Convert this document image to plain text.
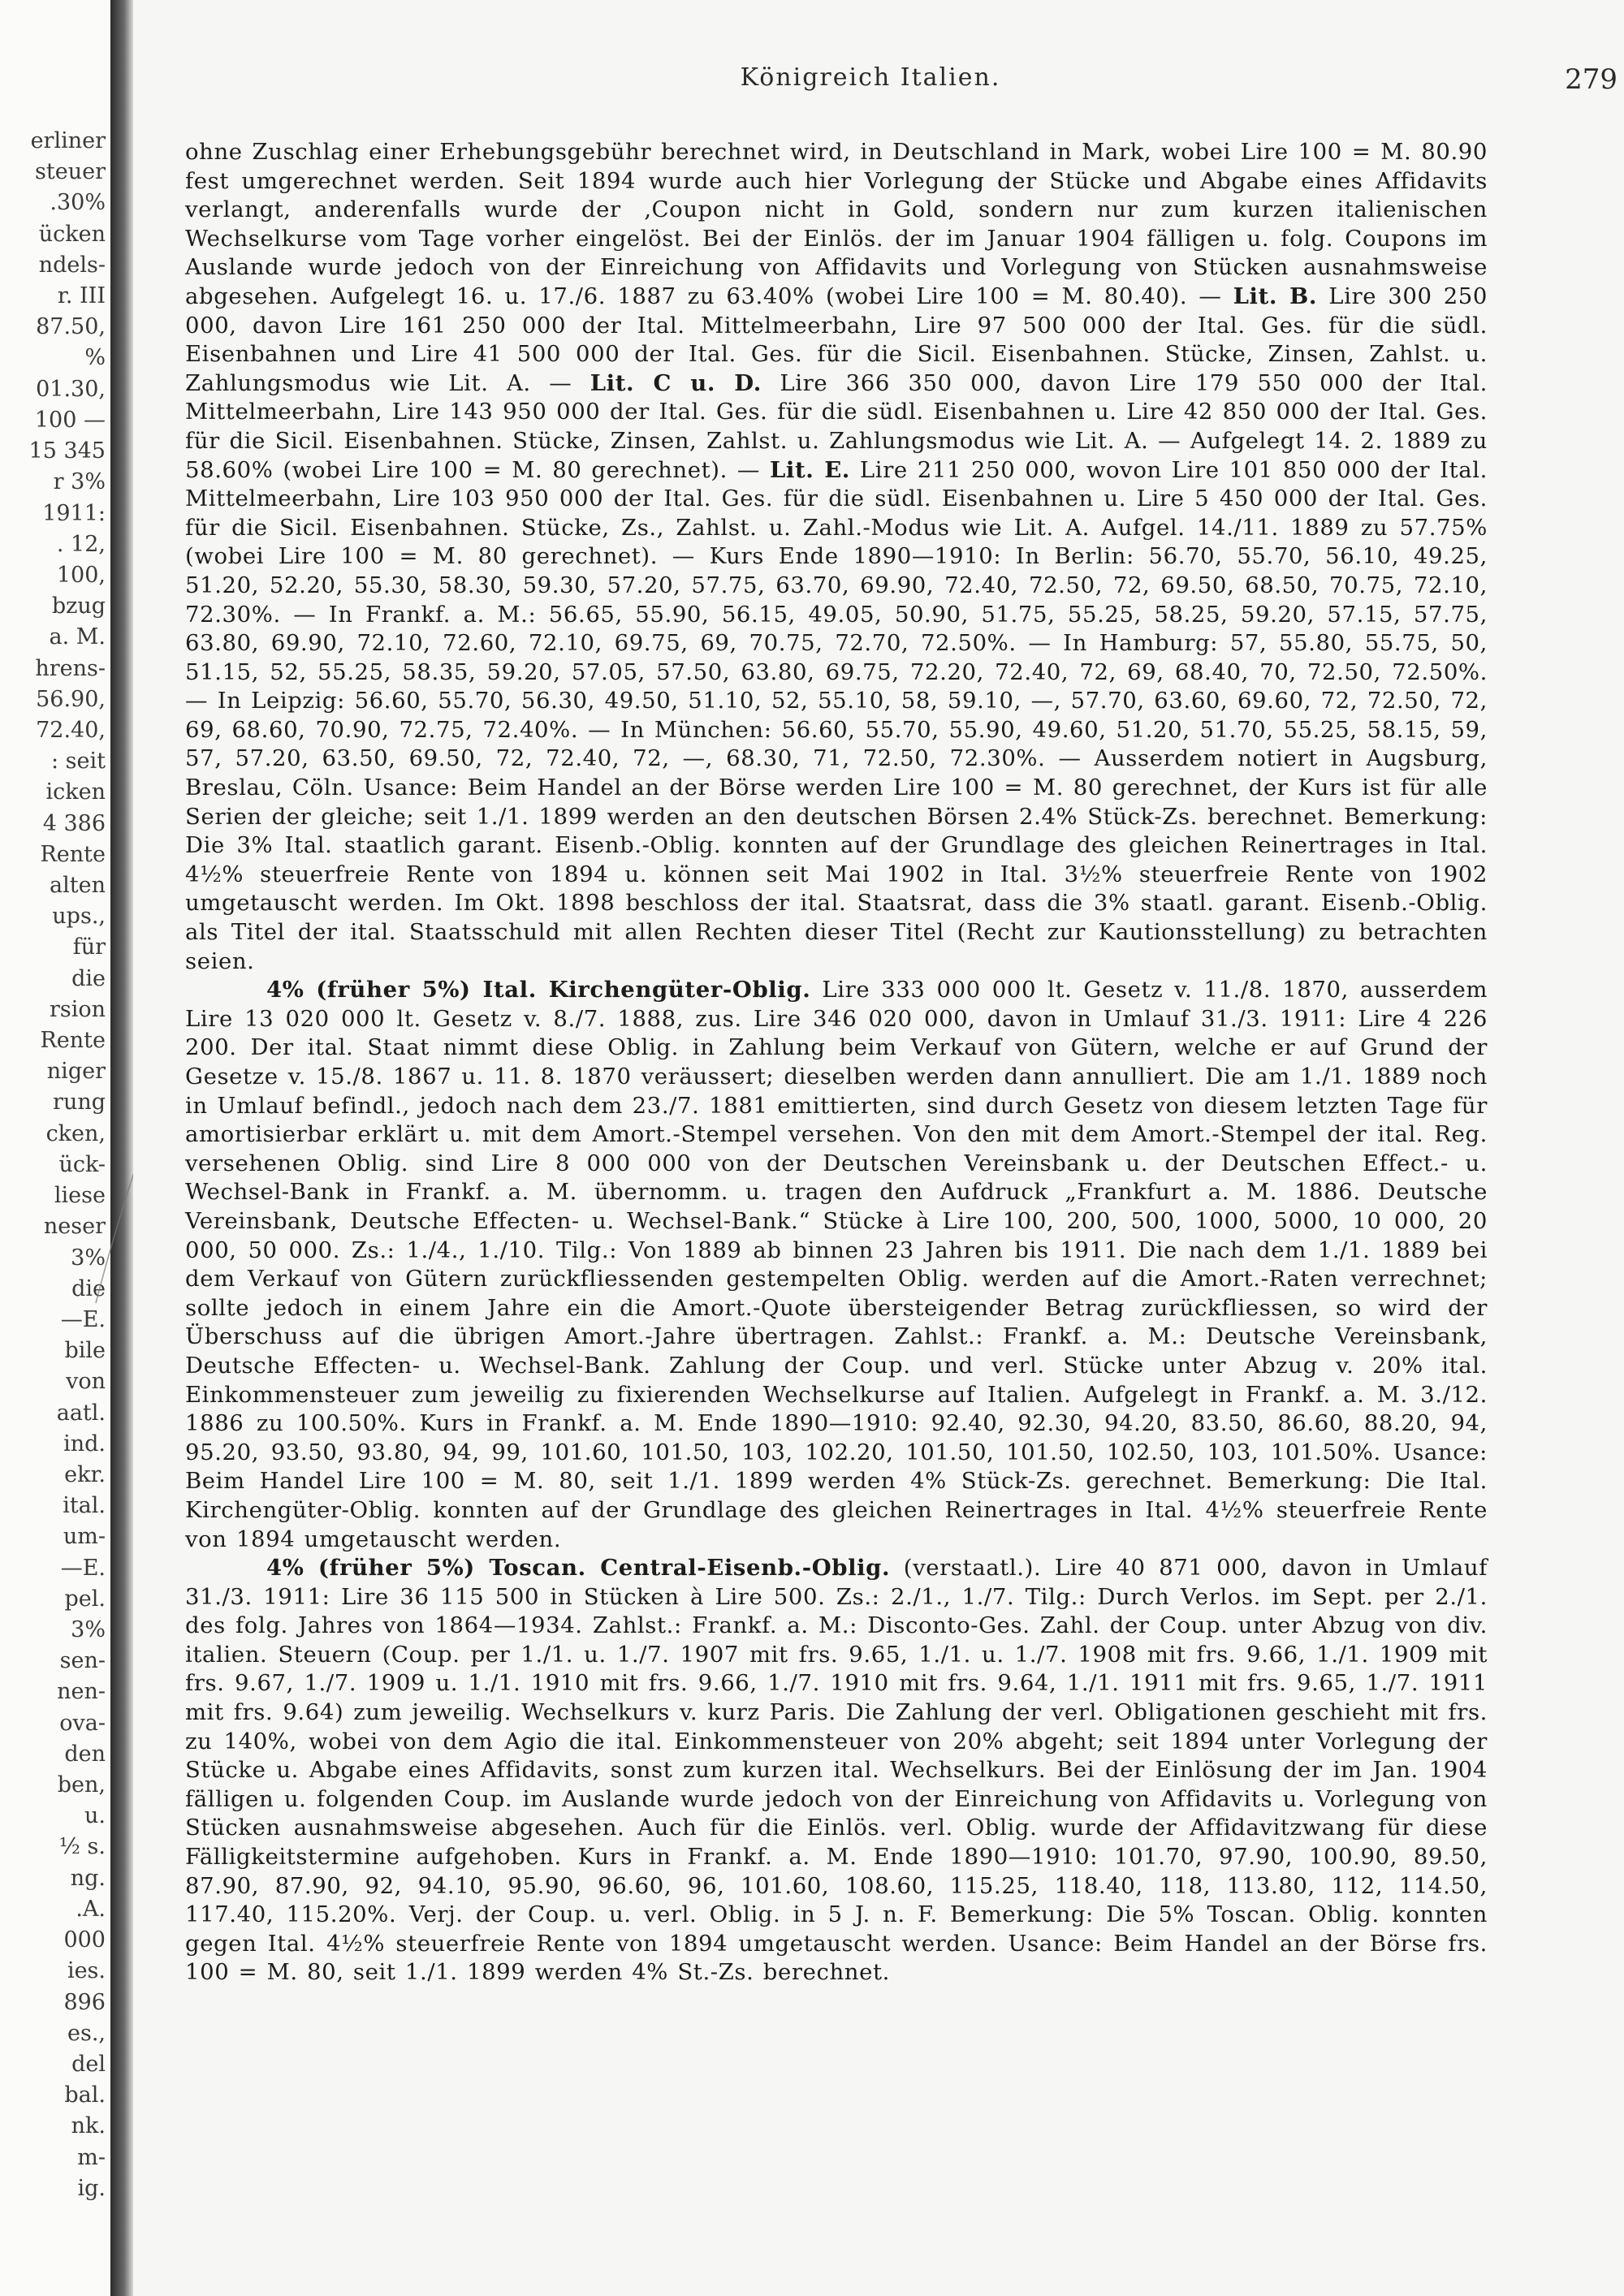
erliner
steuer
.30%
ücken
ndels-
r. III
87.50,
%
01.30,
100 —
15 345
r 3%
1911:
. 12,
100,
bzug
a. M.
hrens-
56.90,
72.40,
: seit
icken
4 386
Rente
alten
ups.,
für
die
rsion
Rente
niger
rung
cken,
ück-
liese
neser
3%
die
—E.
bile
von
aatl.
ind.
ekr.
ital.
um-
—E.
pel.
3%
sen-
nen-
ova-
den
ben,
u.
½ s.
ng.
.A.
000
ies.
896
es.,
del
bal.
nk.
m-
ig.
Königreich Italien.	279

ohne Zuschlag einer Erhebungsgebühr berechnet wird, in Deutschland in Mark, wobei Lire 100 = M. 80.90 fest umgerechnet werden. Seit 1894 wurde auch hier Vorlegung der Stücke und Abgabe eines Affidavits verlangt, anderenfalls wurde der ‚Coupon nicht in Gold, sondern nur zum kurzen italienischen Wechselkurse vom Tage vorher eingelöst. Bei der Einlös. der im Januar 1904 fälligen u. folg. Coupons im Auslande wurde jedoch von der Einreichung von Affidavits und Vorlegung von Stücken ausnahmsweise abgesehen. Aufgelegt 16. u. 17./6. 1887 zu 63.40% (wobei Lire 100 = M. 80.40). — Lit. B. Lire 300 250 000, davon Lire 161 250 000 der Ital. Mittelmeerbahn, Lire 97 500 000 der Ital. Ges. für die südl. Eisenbahnen und Lire 41 500 000 der Ital. Ges. für die Sicil. Eisenbahnen. Stücke, Zinsen, Zahlst. u. Zahlungsmodus wie Lit. A. — Lit. C u. D. Lire 366 350 000, davon Lire 179 550 000 der Ital. Mittelmeerbahn, Lire 143 950 000 der Ital. Ges. für die südl. Eisenbahnen u. Lire 42 850 000 der Ital. Ges. für die Sicil. Eisenbahnen. Stücke, Zinsen, Zahlst. u. Zahlungsmodus wie Lit. A. — Aufgelegt 14. 2. 1889 zu 58.60% (wobei Lire 100 = M. 80 gerechnet). — Lit. E. Lire 211 250 000, wovon Lire 101 850 000 der Ital. Mittelmeerbahn, Lire 103 950 000 der Ital. Ges. für die südl. Eisenbahnen u. Lire 5 450 000 der Ital. Ges. für die Sicil. Eisenbahnen. Stücke, Zs., Zahlst. u. Zahl.-Modus wie Lit. A. Aufgel. 14./11. 1889 zu 57.75% (wobei Lire 100 = M. 80 gerechnet). — Kurs Ende 1890—1910: In Berlin: 56.70, 55.70, 56.10, 49.25, 51.20, 52.20, 55.30, 58.30, 59.30, 57.20, 57.75, 63.70, 69.90, 72.40, 72.50, 72, 69.50, 68.50, 70.75, 72.10, 72.30%. — In Frankf. a. M.: 56.65, 55.90, 56.15, 49.05, 50.90, 51.75, 55.25, 58.25, 59.20, 57.15, 57.75, 63.80, 69.90, 72.10, 72.60, 72.10, 69.75, 69, 70.75, 72.70, 72.50%. — In Hamburg: 57, 55.80, 55.75, 50, 51.15, 52, 55.25, 58.35, 59.20, 57.05, 57.50, 63.80, 69.75, 72.20, 72.40, 72, 69, 68.40, 70, 72.50, 72.50%. — In Leipzig: 56.60, 55.70, 56.30, 49.50, 51.10, 52, 55.10, 58, 59.10, —, 57.70, 63.60, 69.60, 72, 72.50, 72, 69, 68.60, 70.90, 72.75, 72.40%. — In München: 56.60, 55.70, 55.90, 49.60, 51.20, 51.70, 55.25, 58.15, 59, 57, 57.20, 63.50, 69.50, 72, 72.40, 72, —, 68.30, 71, 72.50, 72.30%. — Ausserdem notiert in Augsburg, Breslau, Cöln. Usance: Beim Handel an der Börse werden Lire 100 = M. 80 gerechnet, der Kurs ist für alle Serien der gleiche; seit 1./1. 1899 werden an den deutschen Börsen 2.4% Stück-Zs. berechnet. Bemerkung: Die 3% Ital. staatlich garant. Eisenb.-Oblig. konnten auf der Grundlage des gleichen Reinertrages in Ital. 4½% steuerfreie Rente von 1894 u. können seit Mai 1902 in Ital. 3½% steuerfreie Rente von 1902 umgetauscht werden. Im Okt. 1898 beschloss der ital. Staatsrat, dass die 3% staatl. garant. Eisenb.-Oblig. als Titel der ital. Staatsschuld mit allen Rechten dieser Titel (Recht zur Kautionsstellung) zu betrachten seien.

4% (früher 5%) Ital. Kirchengüter-Oblig. Lire 333 000 000 lt. Gesetz v. 11./8. 1870, ausserdem Lire 13 020 000 lt. Gesetz v. 8./7. 1888, zus. Lire 346 020 000, davon in Umlauf 31./3. 1911: Lire 4 226 200. Der ital. Staat nimmt diese Oblig. in Zahlung beim Verkauf von Gütern, welche er auf Grund der Gesetze v. 15./8. 1867 u. 11. 8. 1870 veräussert; dieselben werden dann annulliert. Die am 1./1. 1889 noch in Umlauf befindl., jedoch nach dem 23./7. 1881 emittierten, sind durch Gesetz von diesem letzten Tage für amortisierbar erklärt u. mit dem Amort.-Stempel versehen. Von den mit dem Amort.-Stempel der ital. Reg. versehenen Oblig. sind Lire 8 000 000 von der Deutschen Vereinsbank u. der Deutschen Effect.- u. Wechsel-Bank in Frankf. a. M. übernomm. u. tragen den Aufdruck „Frankfurt a. M. 1886. Deutsche Vereinsbank, Deutsche Effecten- u. Wechsel-Bank.“ Stücke à Lire 100, 200, 500, 1000, 5000, 10 000, 20 000, 50 000. Zs.: 1./4., 1./10. Tilg.: Von 1889 ab binnen 23 Jahren bis 1911. Die nach dem 1./1. 1889 bei dem Verkauf von Gütern zurückfliessenden gestempelten Oblig. werden auf die Amort.-Raten verrechnet; sollte jedoch in einem Jahre ein die Amort.-Quote übersteigender Betrag zurückfliessen, so wird der Überschuss auf die übrigen Amort.-Jahre übertragen. Zahlst.: Frankf. a. M.: Deutsche Vereinsbank, Deutsche Effecten- u. Wechsel-Bank. Zahlung der Coup. und verl. Stücke unter Abzug v. 20% ital. Einkommensteuer zum jeweilig zu fixierenden Wechselkurse auf Italien. Aufgelegt in Frankf. a. M. 3./12. 1886 zu 100.50%. Kurs in Frankf. a. M. Ende 1890—1910: 92.40, 92.30, 94.20, 83.50, 86.60, 88.20, 94, 95.20, 93.50, 93.80, 94, 99, 101.60, 101.50, 103, 102.20, 101.50, 101.50, 102.50, 103, 101.50%. Usance: Beim Handel Lire 100 = M. 80, seit 1./1. 1899 werden 4% Stück-Zs. gerechnet. Bemerkung: Die Ital. Kirchengüter-Oblig. konnten auf der Grundlage des gleichen Reinertrages in Ital. 4½% steuerfreie Rente von 1894 umgetauscht werden.

4% (früher 5%) Toscan. Central-Eisenb.-Oblig. (verstaatl.). Lire 40 871 000, davon in Umlauf 31./3. 1911: Lire 36 115 500 in Stücken à Lire 500. Zs.: 2./1., 1./7. Tilg.: Durch Verlos. im Sept. per 2./1. des folg. Jahres von 1864—1934. Zahlst.: Frankf. a. M.: Disconto-Ges. Zahl. der Coup. unter Abzug von div. italien. Steuern (Coup. per 1./1. u. 1./7. 1907 mit frs. 9.65, 1./1. u. 1./7. 1908 mit frs. 9.66, 1./1. 1909 mit frs. 9.67, 1./7. 1909 u. 1./1. 1910 mit frs. 9.66, 1./7. 1910 mit frs. 9.64, 1./1. 1911 mit frs. 9.65, 1./7. 1911 mit frs. 9.64) zum jeweilig. Wechselkurs v. kurz Paris. Die Zahlung der verl. Obligationen geschieht mit frs. zu 140%, wobei von dem Agio die ital. Einkommensteuer von 20% abgeht; seit 1894 unter Vorlegung der Stücke u. Abgabe eines Affidavits, sonst zum kurzen ital. Wechselkurs. Bei der Einlösung der im Jan. 1904 fälligen u. folgenden Coup. im Auslande wurde jedoch von der Einreichung von Affidavits u. Vorlegung von Stücken ausnahmsweise abgesehen. Auch für die Einlös. verl. Oblig. wurde der Affidavitzwang für diese Fälligkeitstermine aufgehoben. Kurs in Frankf. a. M. Ende 1890—1910: 101.70, 97.90, 100.90, 89.50, 87.90, 87.90, 92, 94.10, 95.90, 96.60, 96, 101.60, 108.60, 115.25, 118.40, 118, 113.80, 112, 114.50, 117.40, 115.20%. Verj. der Coup. u. verl. Oblig. in 5 J. n. F. Bemerkung: Die 5% Toscan. Oblig. konnten gegen Ital. 4½% steuerfreie Rente von 1894 umgetauscht werden. Usance: Beim Handel an der Börse frs. 100 = M. 80, seit 1./1. 1899 werden 4% St.-Zs. berechnet.
